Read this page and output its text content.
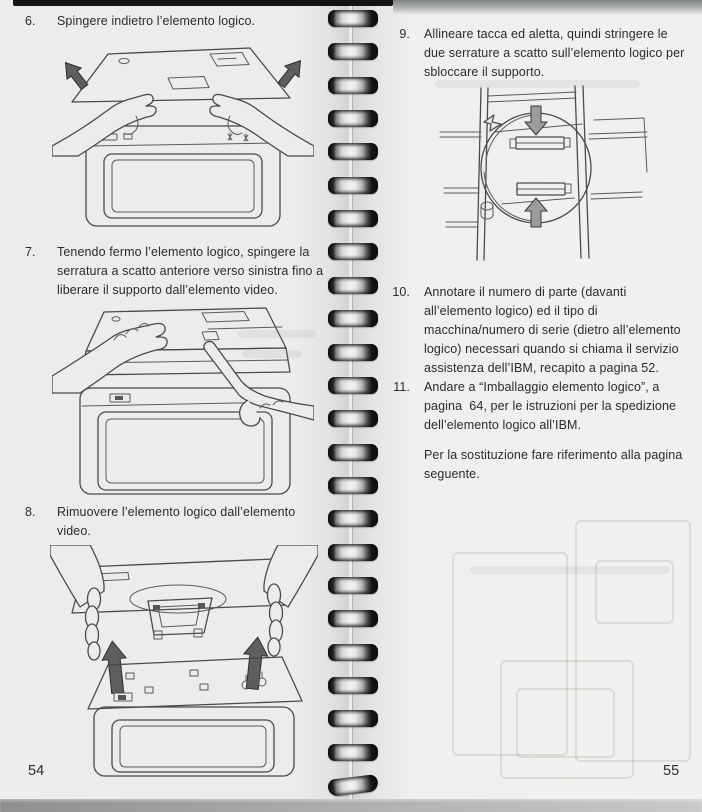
6.	Spingere indietro l’elemento logico.
7.	Tenendo fermo l’elemento logico, spingere la
serratura a scatto anteriore verso sinistra fino a
liberare il supporto dall’elemento video.
8.	Rimuovere l’elemento logico dall’elemento
video.
54
9. Allineare tacca ed aletta, quindi stringere le
due serrature a scatto sull’elemento logico per
sbloccare il supporto.
10. Annotare il numero di parte (davanti
all’elemento logico) ed il tipo di
macchina/numero di serie (dietro all’elemento
logico) necessari quando si chiama il servizio
assistenza dell’IBM, recapito a pagina 52.
11. Andare a “Imballaggio elemento logico”, a
pagina  64, per le istruzioni per la spedizione
dell’elemento logico all’IBM.
Per la sostituzione fare riferimento alla pagina
seguente.
55
